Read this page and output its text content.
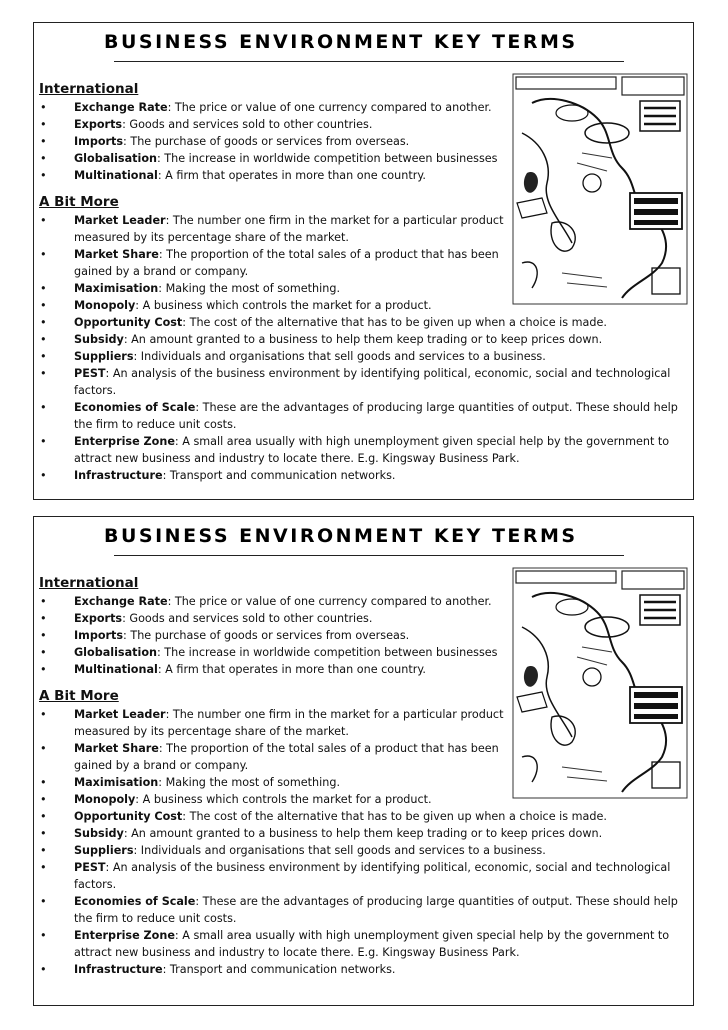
BUSINESS ENVIRONMENT KEY TERMS
International
•	Exchange Rate: The price or value of one currency compared to another.
•	Exports: Goods and services sold to other countries.
•	Imports: The purchase of goods or services from overseas.
•	Globalisation: The increase in worldwide competition between businesses
•	Multinational: A firm that operates in more than one country.
A Bit More
•	Market Leader: The number one firm in the market for a particular product measured by its percentage share of the market.
•	Market Share: The proportion of the total sales of a product that has been gained by a brand or company.
•	Maximisation: Making the most of something.
•	Monopoly: A business which controls the market for a product.
•	Opportunity Cost: The cost of the alternative that has to be given up when a choice is made.
•	Subsidy: An amount granted to a business to help them keep trading or to keep prices down.
•	Suppliers: Individuals and organisations that sell goods and services to a business.
•	PEST: An analysis of the business environment by identifying political, economic, social and technological factors.
•	Economies of Scale: These are the advantages of producing large quantities of output. These should help the firm to reduce unit costs.
•	Enterprise Zone: A small area usually with high unemployment given special help by the government to attract new business and industry to locate there. E.g. Kingsway Business Park.
•	Infrastructure: Transport and communication networks.
BUSINESS ENVIRONMENT KEY TERMS
International
•	Exchange Rate: The price or value of one currency compared to another.
•	Exports: Goods and services sold to other countries.
•	Imports: The purchase of goods or services from overseas.
•	Globalisation: The increase in worldwide competition between businesses
•	Multinational: A firm that operates in more than one country.
A Bit More
•	Market Leader: The number one firm in the market for a particular product measured by its percentage share of the market.
•	Market Share: The proportion of the total sales of a product that has been gained by a brand or company.
•	Maximisation: Making the most of something.
•	Monopoly: A business which controls the market for a product.
•	Opportunity Cost: The cost of the alternative that has to be given up when a choice is made.
•	Subsidy: An amount granted to a business to help them keep trading or to keep prices down.
•	Suppliers: Individuals and organisations that sell goods and services to a business.
•	PEST: An analysis of the business environment by identifying political, economic, social and technological factors.
•	Economies of Scale: These are the advantages of producing large quantities of output. These should help the firm to reduce unit costs.
•	Enterprise Zone: A small area usually with high unemployment given special help by the government to attract new business and industry to locate there. E.g. Kingsway Business Park.
•	Infrastructure: Transport and communication networks.
